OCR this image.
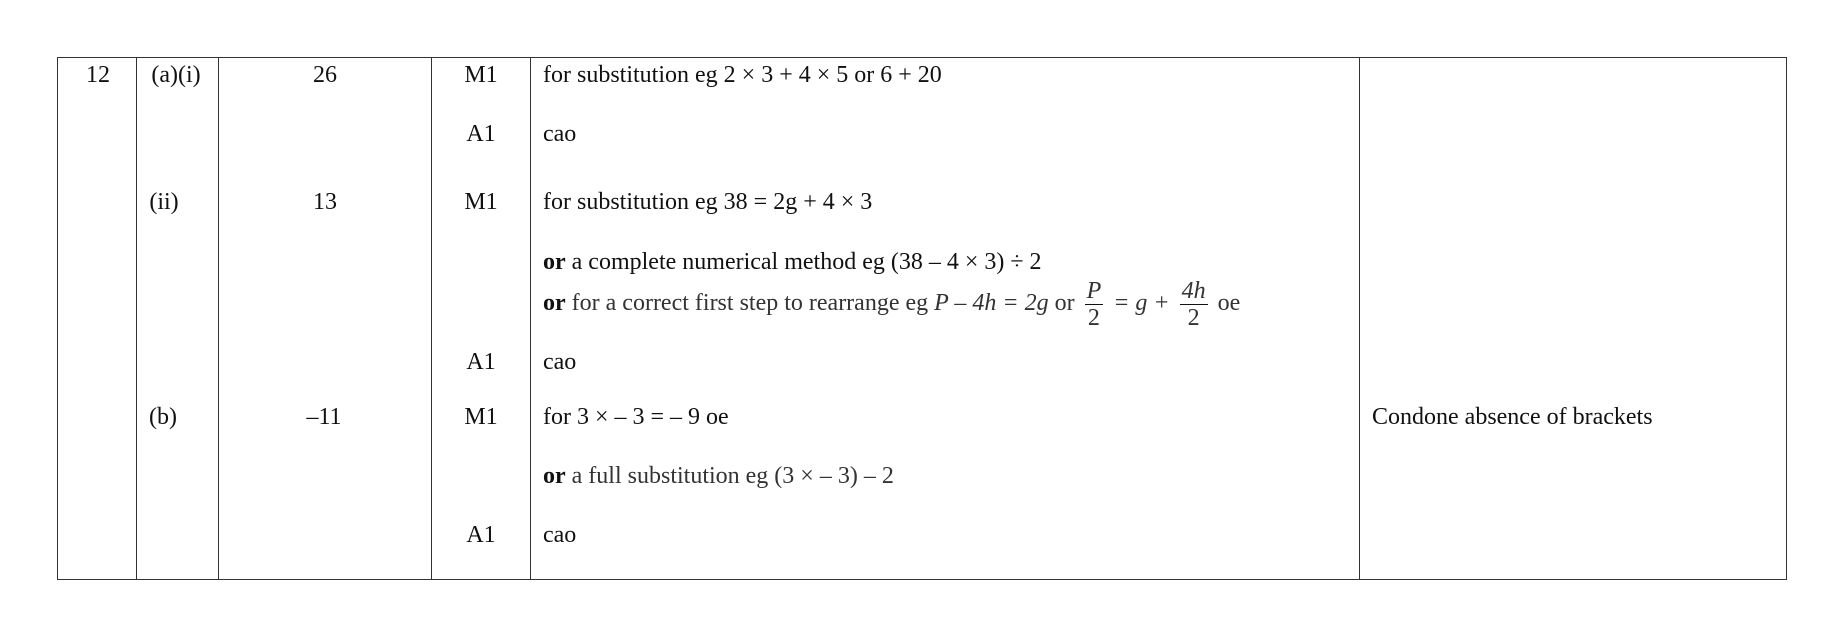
12 (a)(i)
(ii)
(b)
26
13
–11
M1
A1
M1
A1
M1
A1
for substitution eg 2 × 3 + 4 × 5 or 6 + 20
cao
for substitution eg 38 = 2g + 4 × 3
or a complete numerical method eg (38 – 4 × 3) ÷ 2
or for a correct first step to rearrange eg P – 4h = 2g or $\frac{P}{2} = g + \frac{4h}{2}$ oe
cao
for 3 × – 3 = – 9 oe
or a full substitution eg (3 × – 3) – 2
cao
Condone absence of brackets
